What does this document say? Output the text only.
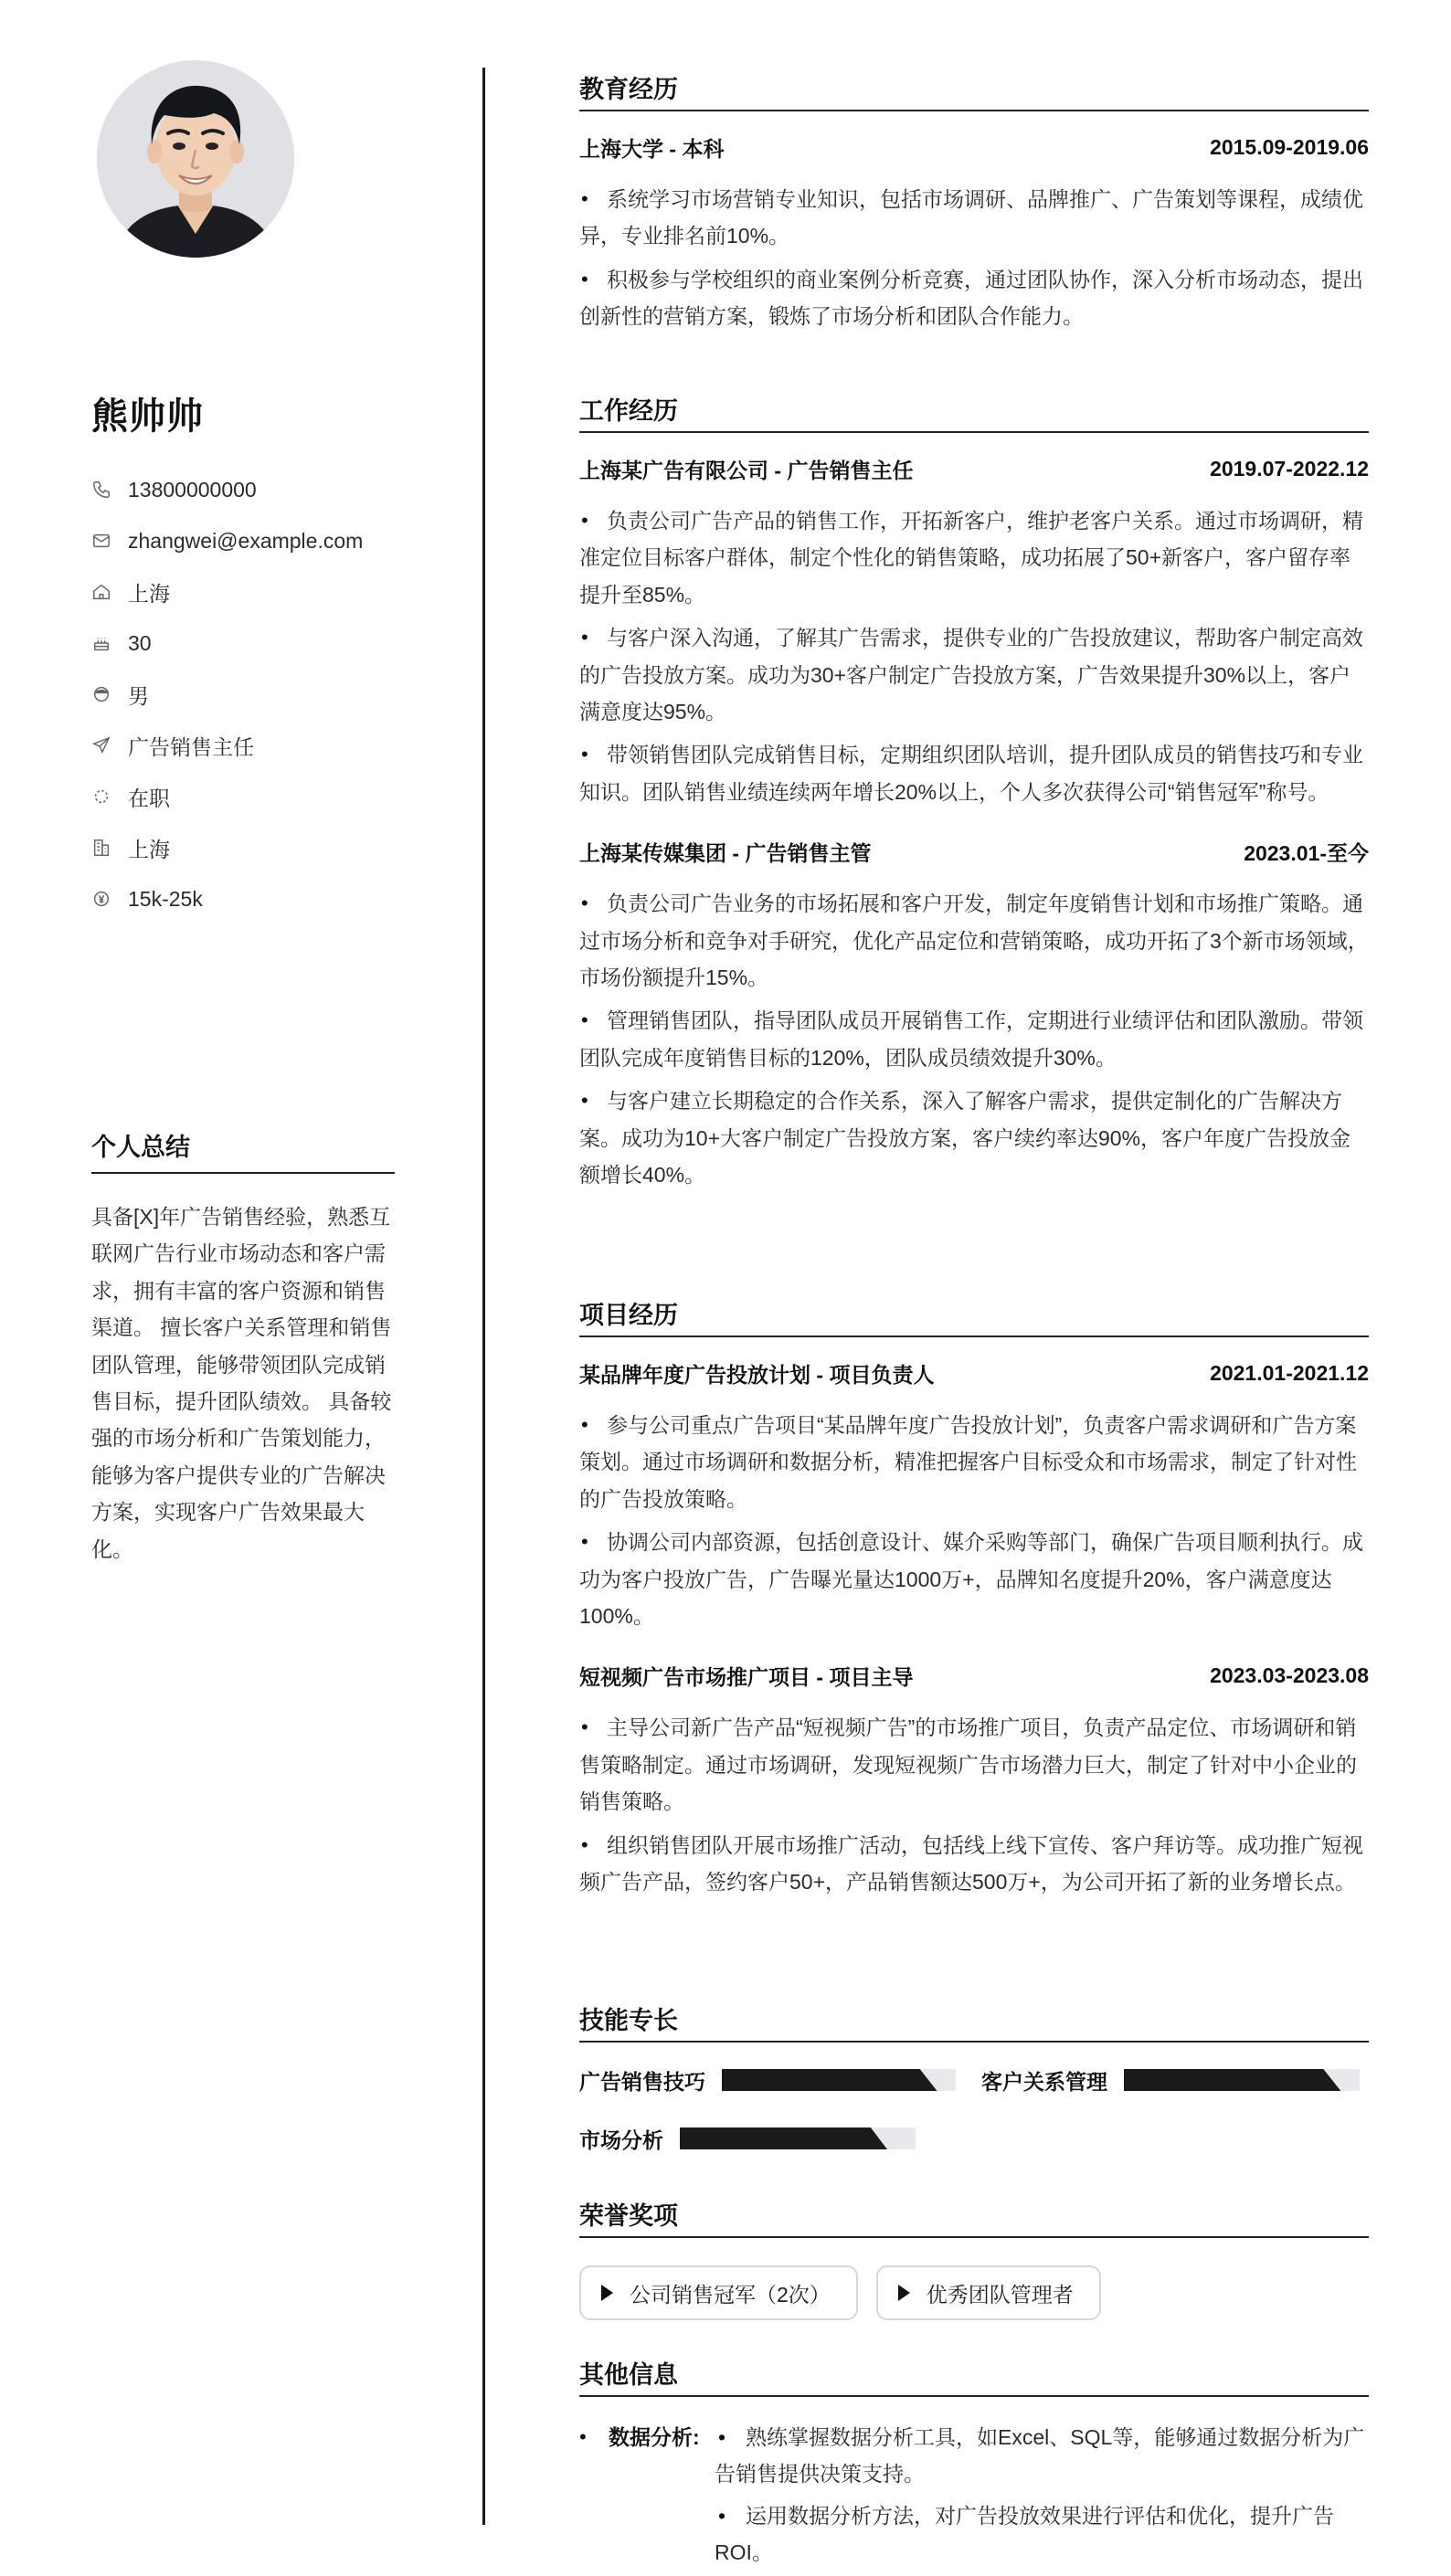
熊帅帅
13800000000
zhangwei@example.com
上海
30
男
广告销售主任
在职
上海
15k-25k
个人总结
具备[X]年广告销售经验，熟悉互联网广告行业市场动态和客户需求，拥有丰富的客户资源和销售渠道。 擅长客户关系管理和销售团队管理，能够带领团队完成销售目标，提升团队绩效。 具备较强的市场分析和广告策划能力，能够为客户提供专业的广告解决方案，实现客户广告效果最大化。
教育经历
上海大学 - 本科	2015.09-2019.06
• 系统学习市场营销专业知识，包括市场调研、品牌推广、广告策划等课程，成绩优异，专业排名前10%。
• 积极参与学校组织的商业案例分析竞赛，通过团队协作，深入分析市场动态，提出创新性的营销方案，锻炼了市场分析和团队合作能力。
工作经历
上海某广告有限公司 - 广告销售主任	2019.07-2022.12
• 负责公司广告产品的销售工作，开拓新客户，维护老客户关系。通过市场调研，精准定位目标客户群体，制定个性化的销售策略，成功拓展了50+新客户，客户留存率提升至85%。
• 与客户深入沟通，了解其广告需求，提供专业的广告投放建议，帮助客户制定高效的广告投放方案。成功为30+客户制定广告投放方案，广告效果提升30%以上，客户满意度达95%。
• 带领销售团队完成销售目标，定期组织团队培训，提升团队成员的销售技巧和专业知识。团队销售业绩连续两年增长20%以上，个人多次获得公司“销售冠军”称号。
上海某传媒集团 - 广告销售主管	2023.01-至今
• 负责公司广告业务的市场拓展和客户开发，制定年度销售计划和市场推广策略。通过市场分析和竞争对手研究，优化产品定位和营销策略，成功开拓了3个新市场领域，市场份额提升15%。
• 管理销售团队，指导团队成员开展销售工作，定期进行业绩评估和团队激励。带领团队完成年度销售目标的120%，团队成员绩效提升30%。
• 与客户建立长期稳定的合作关系，深入了解客户需求，提供定制化的广告解决方案。成功为10+大客户制定广告投放方案，客户续约率达90%，客户年度广告投放金额增长40%。
项目经历
某品牌年度广告投放计划 - 项目负责人	2021.01-2021.12
• 参与公司重点广告项目“某品牌年度广告投放计划”，负责客户需求调研和广告方案策划。通过市场调研和数据分析，精准把握客户目标受众和市场需求，制定了针对性的广告投放策略。
• 协调公司内部资源，包括创意设计、媒介采购等部门，确保广告项目顺利执行。成功为客户投放广告，广告曝光量达1000万+，品牌知名度提升20%，客户满意度达100%。
短视频广告市场推广项目 - 项目主导	2023.03-2023.08
• 主导公司新广告产品“短视频广告”的市场推广项目，负责产品定位、市场调研和销售策略制定。通过市场调研，发现短视频广告市场潜力巨大，制定了针对中小企业的销售策略。
• 组织销售团队开展市场推广活动，包括线上线下宣传、客户拜访等。成功推广短视频广告产品，签约客户50+，产品销售额达500万+，为公司开拓了新的业务增长点。
技能专长
广告销售技巧	客户关系管理
市场分析
荣誉奖项
公司销售冠军（2次）	优秀团队管理者
其他信息
•	数据分析:
•	熟练掌握数据分析工具，如Excel、SQL等，能够通过数据分析为广告销售提供决策支持。
• 运用数据分析方法，对广告投放效果进行评估和优化，提升广告ROI。
